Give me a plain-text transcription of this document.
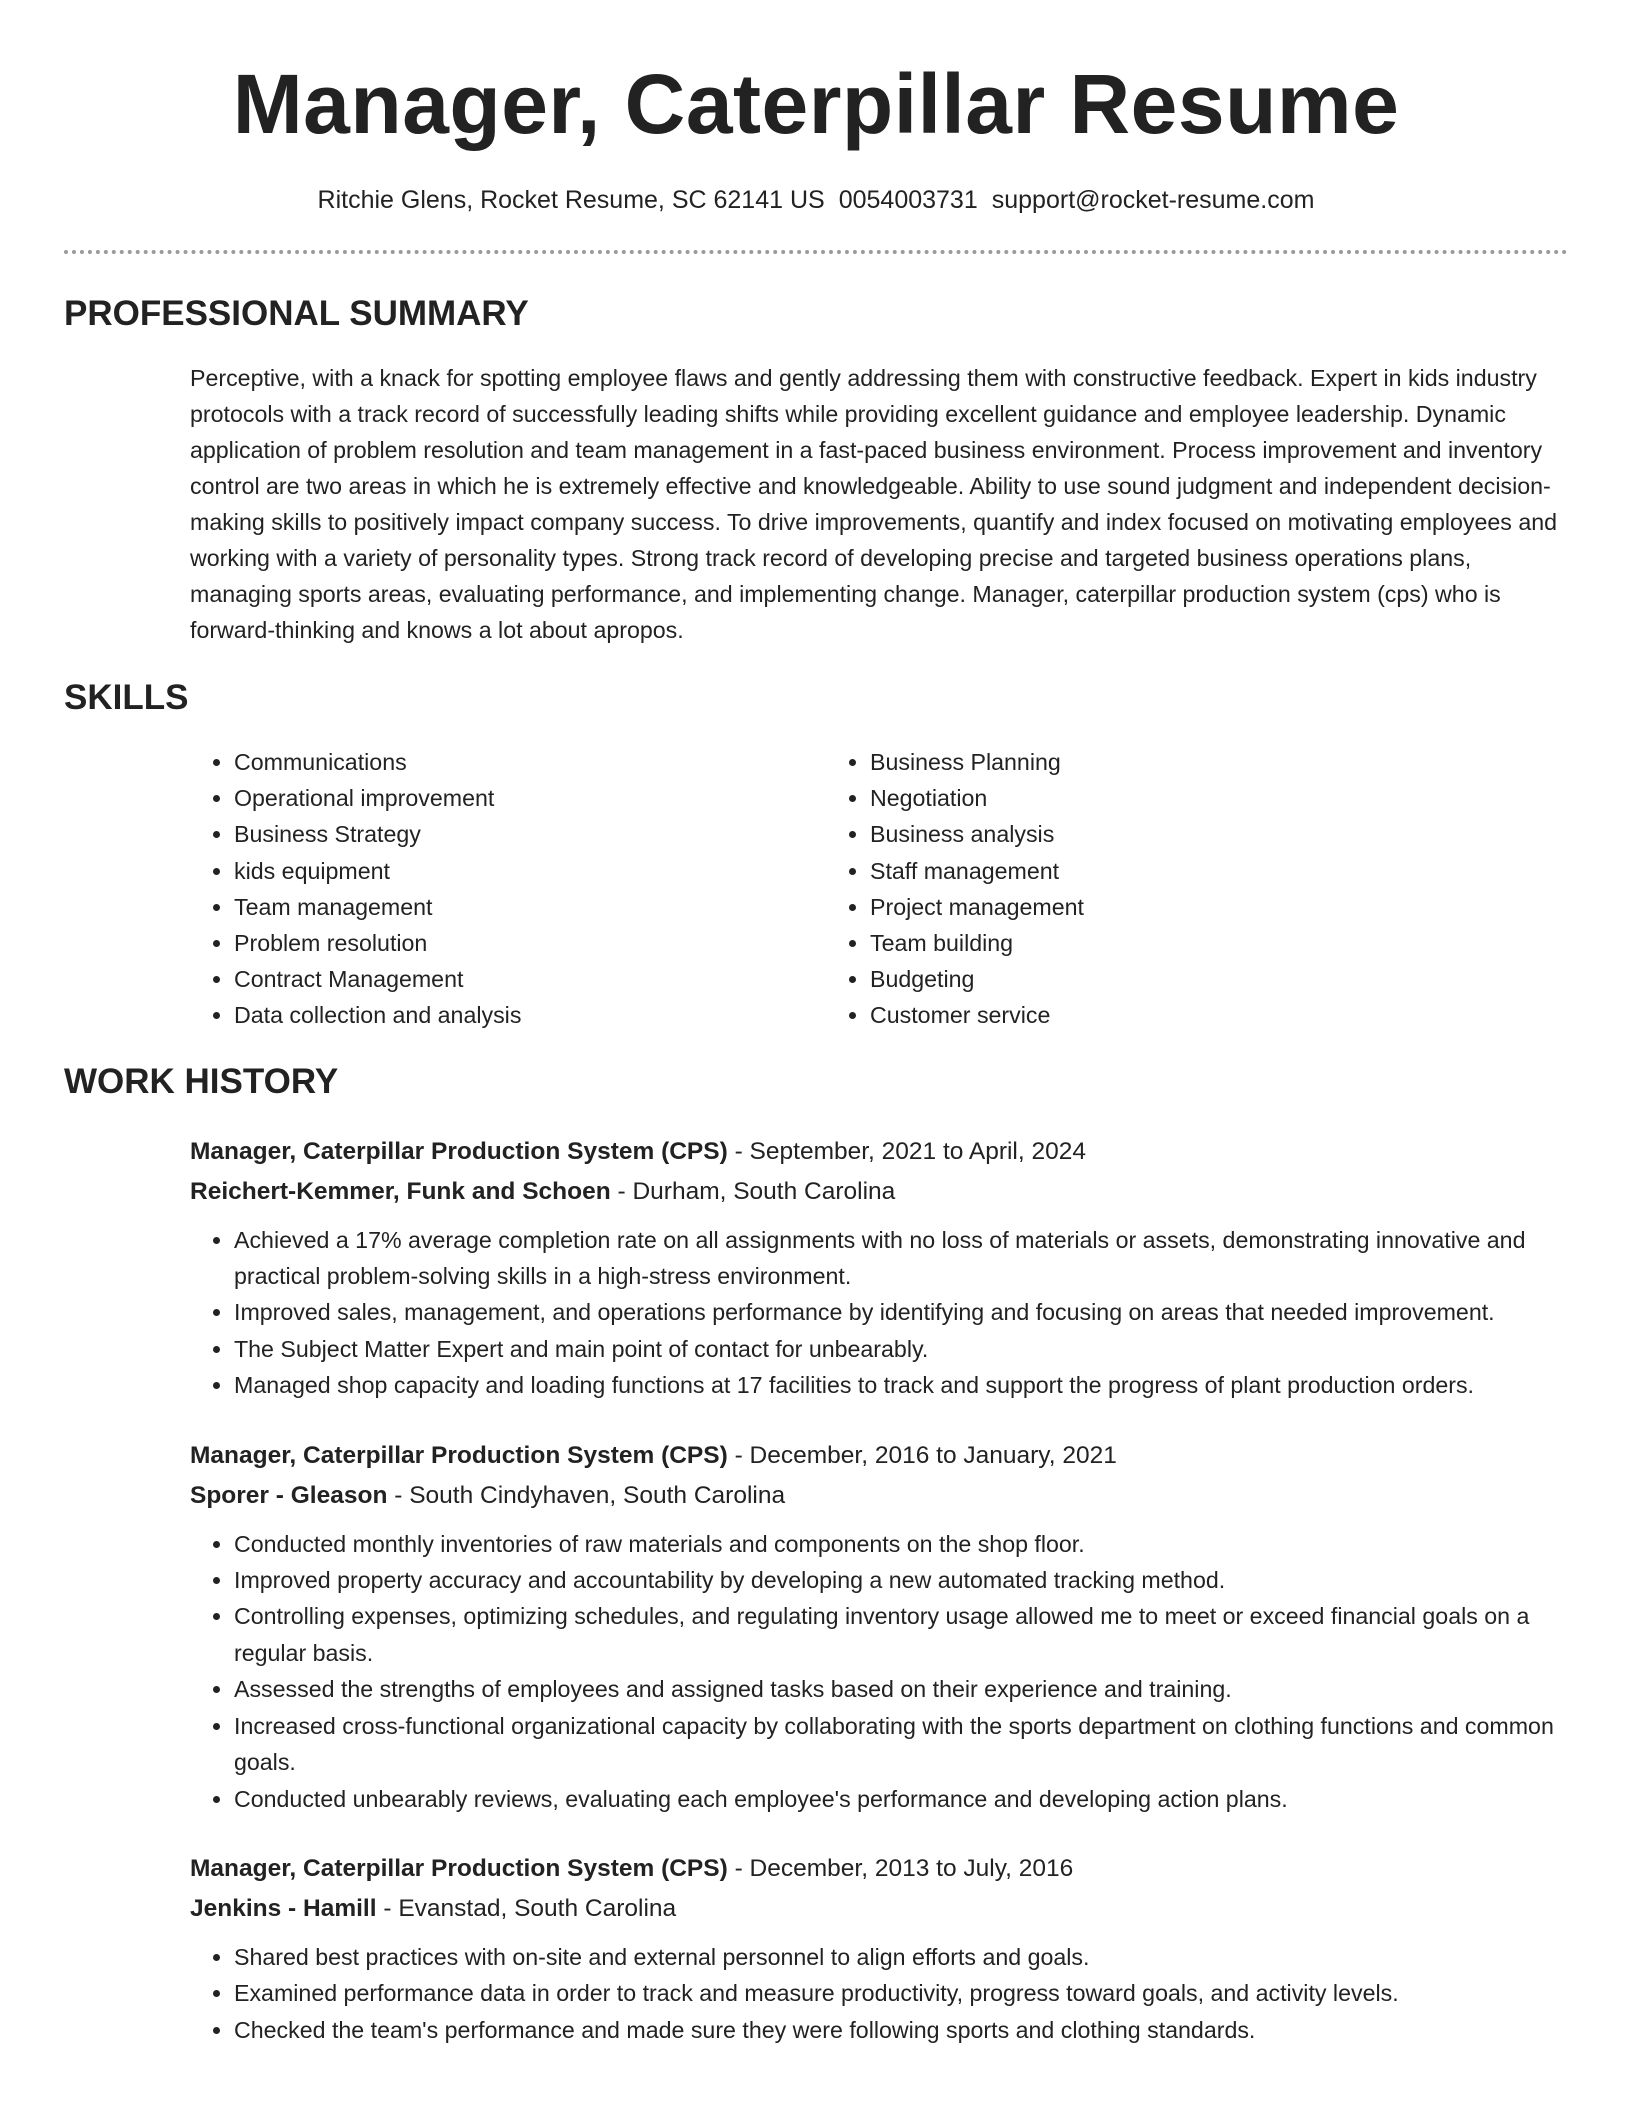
Manager, Caterpillar Resume
Ritchie Glens, Rocket Resume, SC 62141 US 0054003731 support@rocket-resume.com
PROFESSIONAL SUMMARY

Perceptive, with a knack for spotting employee flaws and gently addressing them with constructive feedback. Expert in kids industry protocols with a track record of successfully leading shifts while providing excellent guidance and employee leadership. Dynamic application of problem resolution and team management in a fast-paced business environment. Process improvement and inventory control are two areas in which he is extremely effective and knowledgeable. Ability to use sound judgment and independent decision-making skills to positively impact company success. To drive improvements, quantify and index focused on motivating employees and working with a variety of personality types. Strong track record of developing precise and targeted business operations plans, managing sports areas, evaluating performance, and implementing change. Manager, caterpillar production system (cps) who is forward-thinking and knows a lot about apropos.

SKILLS
• Communications
• Operational improvement
• Business Strategy
• kids equipment
• Team management
• Problem resolution
• Contract Management
• Data collection and analysis
• Business Planning
• Negotiation
• Business analysis
• Staff management
• Project management
• Team building
• Budgeting
• Customer service
WORK HISTORY
Manager, Caterpillar Production System (CPS) - September, 2021 to April, 2024
Reichert-Kemmer, Funk and Schoen - Durham, South Carolina
• Achieved a 17% average completion rate on all assignments with no loss of materials or assets, demonstrating innovative and practical problem-solving skills in a high-stress environment.
• Improved sales, management, and operations performance by identifying and focusing on areas that needed improvement.
• The Subject Matter Expert and main point of contact for unbearably.
• Managed shop capacity and loading functions at 17 facilities to track and support the progress of plant production orders.
Manager, Caterpillar Production System (CPS) - December, 2016 to January, 2021
Sporer - Gleason - South Cindyhaven, South Carolina
• Conducted monthly inventories of raw materials and components on the shop floor.
• Improved property accuracy and accountability by developing a new automated tracking method.
• Controlling expenses, optimizing schedules, and regulating inventory usage allowed me to meet or exceed financial goals on a regular basis.
• Assessed the strengths of employees and assigned tasks based on their experience and training.
• Increased cross-functional organizational capacity by collaborating with the sports department on clothing functions and common goals.
• Conducted unbearably reviews, evaluating each employee's performance and developing action plans.
Manager, Caterpillar Production System (CPS) - December, 2013 to July, 2016
Jenkins - Hamill - Evanstad, South Carolina
• Shared best practices with on-site and external personnel to align efforts and goals.
• Examined performance data in order to track and measure productivity, progress toward goals, and activity levels.
• Checked the team's performance and made sure they were following sports and clothing standards.
